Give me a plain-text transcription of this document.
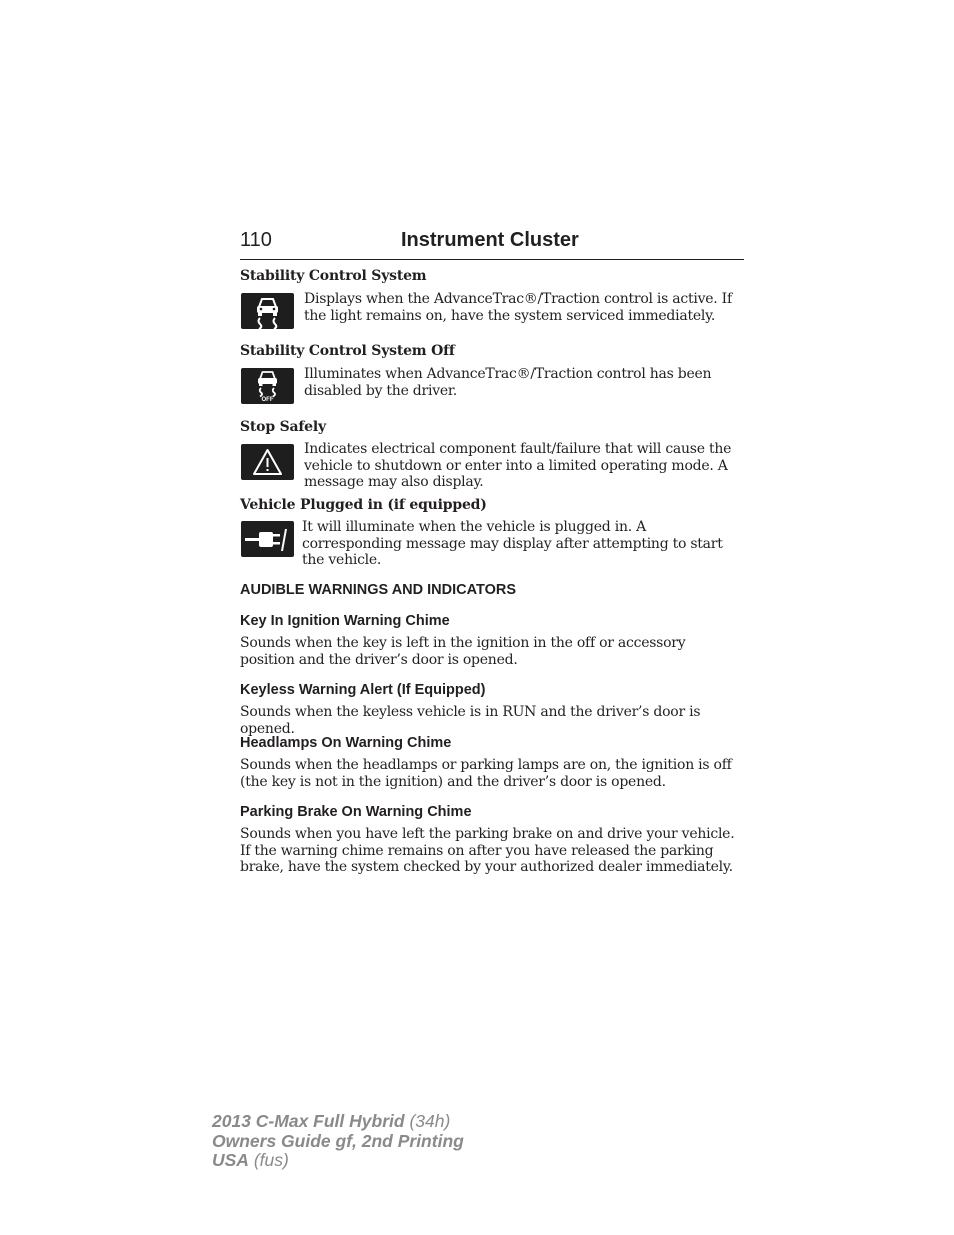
110	Instrument Cluster
Stability Control System
Displays when the AdvanceTrac®/Traction control is active. If the light remains on, have the system serviced immediately.
Stability Control System Off
OFF
Illuminates when AdvanceTrac®/Traction control has been disabled by the driver.
Stop Safely
Indicates electrical component fault/failure that will cause the vehicle to shutdown or enter into a limited operating mode. A message may also display.
Vehicle Plugged in (if equipped)
It will illuminate when the vehicle is plugged in. A corresponding message may display after attempting to start the vehicle.
AUDIBLE WARNINGS AND INDICATORS
Key In Ignition Warning Chime
Sounds when the key is left in the ignition in the off or accessory position and the driver’s door is opened.
Keyless Warning Alert (If Equipped)
Sounds when the keyless vehicle is in RUN and the driver’s door is opened.
Headlamps On Warning Chime
Sounds when the headlamps or parking lamps are on, the ignition is off (the key is not in the ignition) and the driver’s door is opened.
Parking Brake On Warning Chime
Sounds when you have left the parking brake on and drive your vehicle. If the warning chime remains on after you have released the parking brake, have the system checked by your authorized dealer immediately.
2013 C-Max Full Hybrid (34h)
Owners Guide gf, 2nd Printing
USA (fus)
